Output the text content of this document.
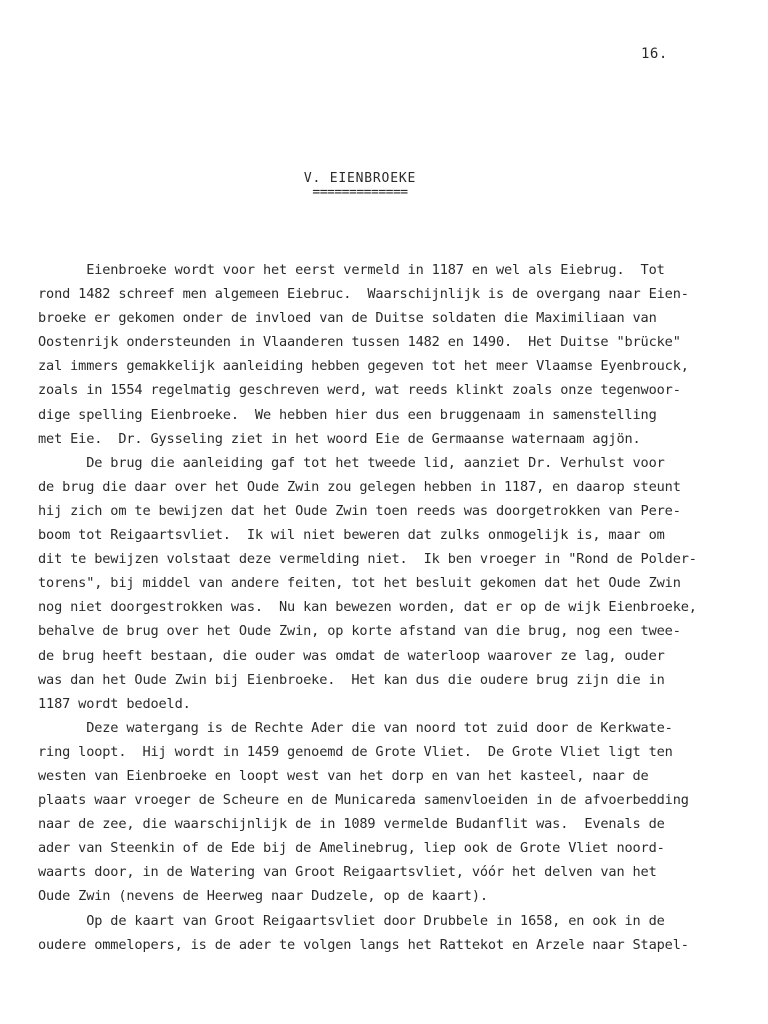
16.
V. EIENBROEKE
=============
Eienbroeke wordt voor het eerst vermeld in 1187 en wel als Eiebrug.  Tot
rond 1482 schreef men algemeen Eiebruc.  Waarschijnlijk is de overgang naar Eien-
broeke er gekomen onder de invloed van de Duitse soldaten die Maximiliaan van
Oostenrijk ondersteunden in Vlaanderen tussen 1482 en 1490.  Het Duitse "brücke"
zal immers gemakkelijk aanleiding hebben gegeven tot het meer Vlaamse Eyenbrouck,
zoals in 1554 regelmatig geschreven werd, wat reeds klinkt zoals onze tegenwoor-
dige spelling Eienbroeke.  We hebben hier dus een bruggenaam in samenstelling
met Eie.  Dr. Gysseling ziet in het woord Eie de Germaanse waternaam agjön.
De brug die aanleiding gaf tot het tweede lid, aanziet Dr. Verhulst voor
de brug die daar over het Oude Zwin zou gelegen hebben in 1187, en daarop steunt
hij zich om te bewijzen dat het Oude Zwin toen reeds was doorgetrokken van Pere-
boom tot Reigaartsvliet.  Ik wil niet beweren dat zulks onmogelijk is, maar om
dit te bewijzen volstaat deze vermelding niet.  Ik ben vroeger in "Rond de Polder-
torens", bij middel van andere feiten, tot het besluit gekomen dat het Oude Zwin
nog niet doorgestrokken was.  Nu kan bewezen worden, dat er op de wijk Eienbroeke,
behalve de brug over het Oude Zwin, op korte afstand van die brug, nog een twee-
de brug heeft bestaan, die ouder was omdat de waterloop waarover ze lag, ouder
was dan het Oude Zwin bij Eienbroeke.  Het kan dus die oudere brug zijn die in
1187 wordt bedoeld.
Deze watergang is de Rechte Ader die van noord tot zuid door de Kerkwate-
ring loopt.  Hij wordt in 1459 genoemd de Grote Vliet.  De Grote Vliet ligt ten
westen van Eienbroeke en loopt west van het dorp en van het kasteel, naar de
plaats waar vroeger de Scheure en de Municareda samenvloeiden in de afvoerbedding
naar de zee, die waarschijnlijk de in 1089 vermelde Budanflit was.  Evenals de
ader van Steenkin of de Ede bij de Amelinebrug, liep ook de Grote Vliet noord-
waarts door, in de Watering van Groot Reigaartsvliet, vóór het delven van het
Oude Zwin (nevens de Heerweg naar Dudzele, op de kaart).
Op de kaart van Groot Reigaartsvliet door Drubbele in 1658, en ook in de
oudere ommelopers, is de ader te volgen langs het Rattekot en Arzele naar Stapel-
